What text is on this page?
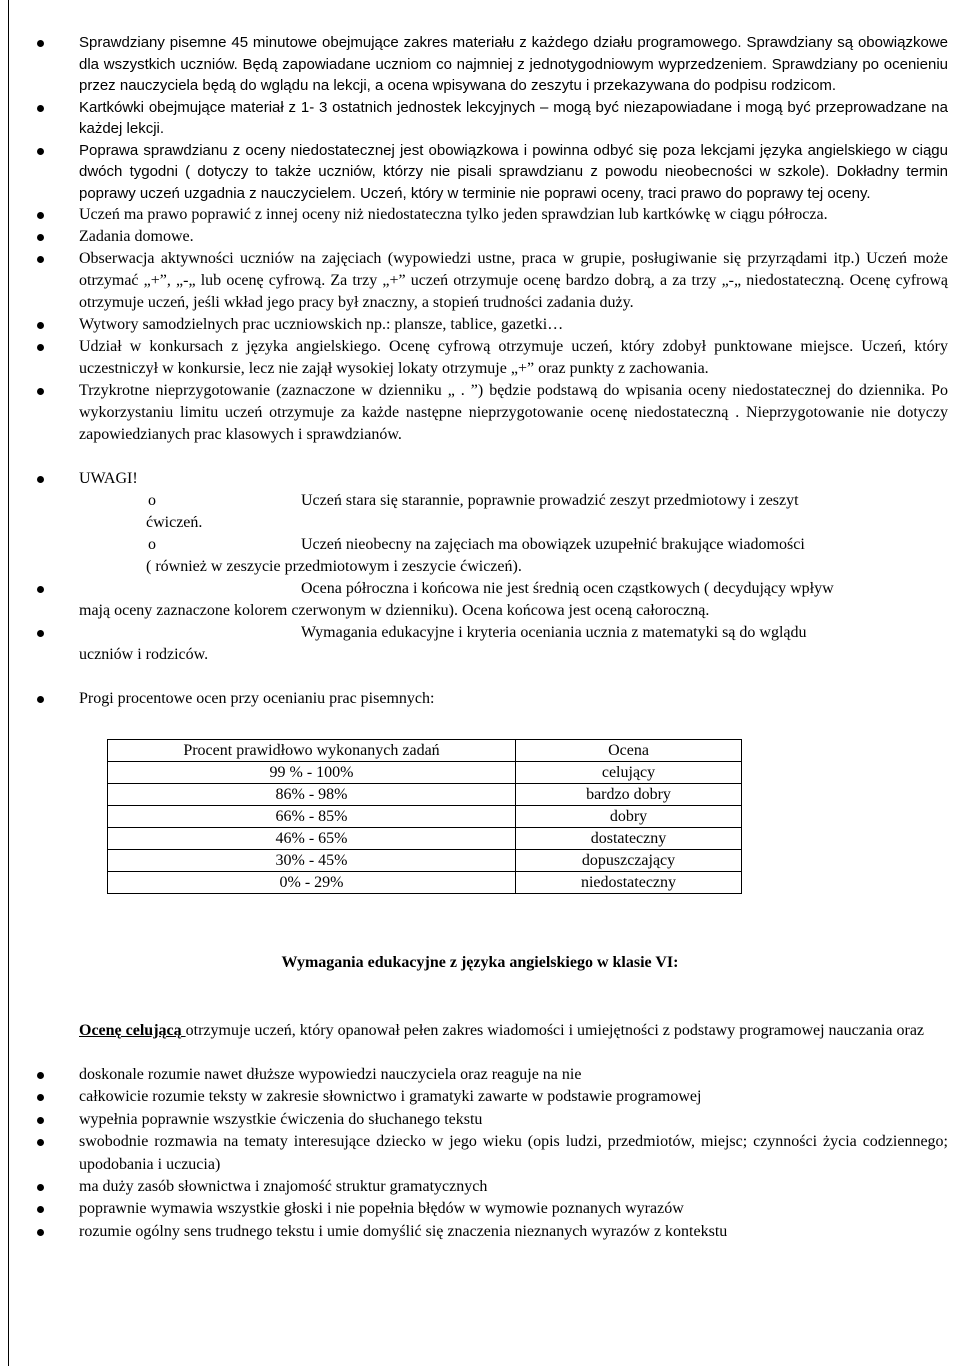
Sprawdziany pisemne 45 minutowe obejmujące zakres materiału z każdego działu programowego. Sprawdziany są obowiązkowe dla wszystkich uczniów. Będą zapowiadane uczniom co najmniej z jednotygodniowym wyprzedzeniem. Sprawdziany po ocenieniu przez nauczyciela będą do wglądu na lekcji, a ocena wpisywana do zeszytu i przekazywana do podpisu rodzicom.
Kartkówki obejmujące materiał z 1- 3 ostatnich jednostek lekcyjnych – mogą być niezapowiadane i mogą być przeprowadzane na każdej lekcji.
Poprawa sprawdzianu z oceny niedostatecznej jest obowiązkowa i powinna odbyć się poza lekcjami języka angielskiego w ciągu dwóch tygodni ( dotyczy to także uczniów, którzy nie pisali sprawdzianu z powodu nieobecności w szkole). Dokładny termin poprawy uczeń uzgadnia z nauczycielem. Uczeń, który w terminie nie poprawi oceny, traci prawo do poprawy tej oceny.
Uczeń ma prawo poprawić z innej oceny niż niedostateczna tylko jeden sprawdzian lub kartkówkę w ciągu półrocza.
Zadania domowe.
Obserwacja aktywności uczniów na zajęciach (wypowiedzi ustne, praca w grupie, posługiwanie się przyrządami itp.) Uczeń może otrzymać „+”, „-„ lub ocenę cyfrową. Za trzy „+” uczeń otrzymuje ocenę bardzo dobrą, a za trzy „-„ niedostateczną. Ocenę cyfrową otrzymuje uczeń, jeśli wkład jego pracy był znaczny, a stopień trudności zadania duży.
Wytwory samodzielnych prac uczniowskich np.: plansze, tablice, gazetki…
Udział w konkursach z języka angielskiego. Ocenę cyfrową otrzymuje uczeń, który zdobył punktowane miejsce. Uczeń, który uczestniczył w konkursie, lecz nie zajął wysokiej lokaty otrzymuje „+” oraz punkty z zachowania.
Trzykrotne nieprzygotowanie (zaznaczone w dzienniku „ . ”) będzie podstawą do wpisania oceny niedostatecznej do dziennika. Po wykorzystaniu limitu uczeń otrzymuje za każde następne nieprzygotowanie ocenę niedostateczną . Nieprzygotowanie nie dotyczy zapowiedzianych prac klasowych i sprawdzianów.
UWAGI!
o	Uczeń stara się starannie, poprawnie prowadzić zeszyt przedmiotowy i zeszyt
ćwiczeń.
o	Uczeń nieobecny na zajęciach ma obowiązek uzupełnić brakujące wiadomości
( również w zeszycie przedmiotowym i zeszycie ćwiczeń).
Ocena półroczna i końcowa nie jest średnią ocen cząstkowych ( decydujący wpływ
mają oceny zaznaczone kolorem czerwonym w dzienniku). Ocena końcowa jest oceną całoroczną.
Wymagania edukacyjne i kryteria oceniania ucznia z matematyki są do wglądu
uczniów i rodziców.
Progi procentowe ocen przy ocenianiu prac pisemnych:
Procent prawidłowo wykonanych zadań	Ocena
99 % - 100%	celujący
86% - 98%	bardzo dobry
66% - 85%	dobry
46% - 65%	dostateczny
30% - 45%	dopuszczający
0% - 29%	niedostateczny
Wymagania edukacyjne z języka angielskiego w klasie VI:
Ocenę celującą otrzymuje uczeń, który opanował pełen zakres wiadomości i umiejętności z podstawy programowej nauczania oraz
doskonale rozumie nawet dłuższe wypowiedzi nauczyciela oraz reaguje na nie
całkowicie rozumie teksty w zakresie słownictwo i gramatyki zawarte w podstawie programowej
wypełnia poprawnie wszystkie ćwiczenia do słuchanego tekstu
swobodnie rozmawia na tematy interesujące dziecko w jego wieku (opis ludzi, przedmiotów, miejsc; czynności życia codziennego; upodobania i uczucia)
ma duży zasób słownictwa i znajomość struktur gramatycznych
poprawnie wymawia wszystkie głoski i nie popełnia błędów w wymowie poznanych wyrazów
rozumie ogólny sens trudnego tekstu i umie domyślić się znaczenia nieznanych wyrazów z kontekstu
